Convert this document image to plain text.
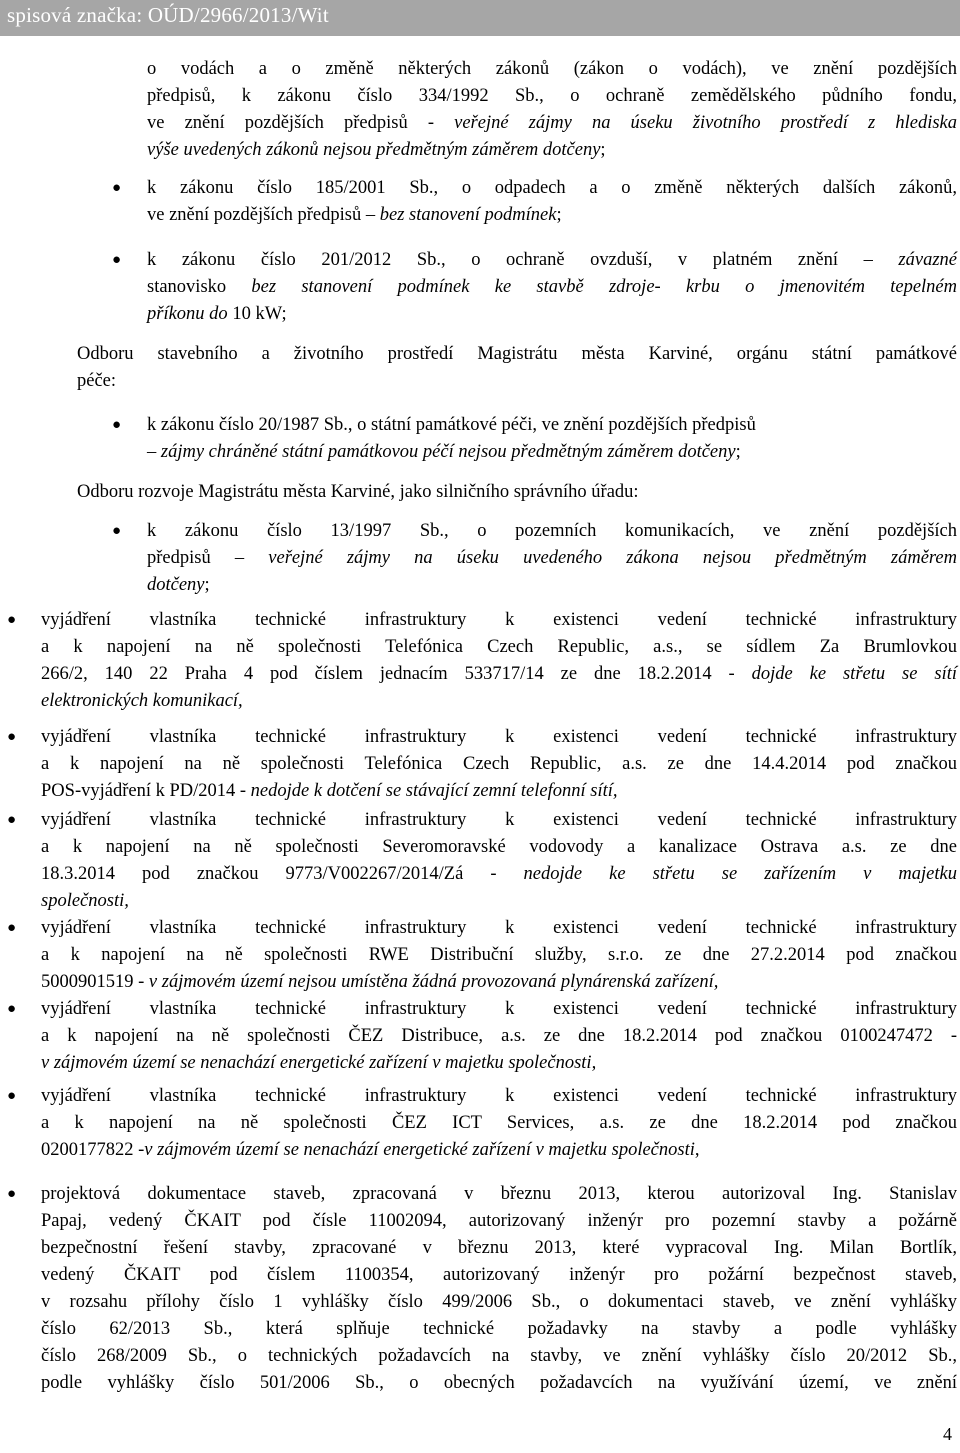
spisová značka: OÚD/2966/2013/Wit
o vodách a o změně některých zákonů (zákon o vodách), ve znění pozdějších
předpisů, k zákonu číslo 334/1992 Sb., o ochraně zemědělského půdního fondu,
ve znění pozdějších předpisů - veřejné zájmy na úseku životního prostředí z hlediska
výše uvedených zákonů nejsou předmětným záměrem dotčeny;
● k zákonu číslo 185/2001 Sb., o odpadech a o změně některých dalších zákonů,
ve znění pozdějších předpisů – bez stanovení podmínek;
● k zákonu číslo 201/2012 Sb., o ochraně ovzduší, v platném znění – závazné
stanovisko bez stanovení podmínek ke stavbě zdroje- krbu o jmenovitém tepelném
příkonu do 10 kW;
Odboru stavebního a životního prostředí Magistrátu města Karviné, orgánu státní památkové
péče:
● k zákonu číslo 20/1987 Sb., o státní památkové péči, ve znění pozdějších předpisů
– zájmy chráněné státní památkovou péčí nejsou předmětným záměrem dotčeny;
Odboru rozvoje Magistrátu města Karviné, jako silničního správního úřadu:
● k zákonu číslo 13/1997 Sb., o pozemních komunikacích, ve znění pozdějších
předpisů – veřejné zájmy na úseku uvedeného zákona nejsou předmětným záměrem
dotčeny;
● vyjádření vlastníka technické infrastruktury k existenci vedení technické infrastruktury
a k napojení na ně společnosti Telefónica Czech Republic, a.s., se sídlem Za Brumlovkou
266/2, 140 22 Praha 4 pod číslem jednacím 533717/14 ze dne 18.2.2014 - dojde ke střetu se sítí
elektronických komunikací,
● vyjádření vlastníka technické infrastruktury k existenci vedení technické infrastruktury
a k napojení na ně společnosti Telefónica Czech Republic, a.s. ze dne 14.4.2014 pod značkou
POS-vyjádření k PD/2014 - nedojde k dotčení se stávající zemní telefonní sítí,
● vyjádření vlastníka technické infrastruktury k existenci vedení technické infrastruktury
a k napojení na ně společnosti Severomoravské vodovody a kanalizace Ostrava a.s. ze dne
18.3.2014 pod značkou 9773/V002267/2014/Zá - nedojde ke střetu se zařízením v majetku
společnosti,
● vyjádření vlastníka technické infrastruktury k existenci vedení technické infrastruktury
a k napojení na ně společnosti RWE Distribuční služby, s.r.o. ze dne 27.2.2014 pod značkou
5000901519 - v zájmovém území nejsou umístěna žádná provozovaná plynárenská zařízení,
● vyjádření vlastníka technické infrastruktury k existenci vedení technické infrastruktury
a k napojení na ně společnosti ČEZ Distribuce, a.s. ze dne 18.2.2014 pod značkou 0100247472 -
v zájmovém území se nenachází energetické zařízení v majetku společnosti,
● vyjádření vlastníka technické infrastruktury k existenci vedení technické infrastruktury
a k napojení na ně společnosti ČEZ ICT Services, a.s. ze dne 18.2.2014 pod značkou
0200177822 -v zájmovém území se nenachází energetické zařízení v majetku společnosti,
● projektová dokumentace staveb, zpracovaná v březnu 2013, kterou autorizoval Ing. Stanislav
Papaj, vedený ČKAIT pod čísle 11002094, autorizovaný inženýr pro pozemní stavby a požárně
bezpečnostní řešení stavby, zpracované v březnu 2013, které vypracoval Ing. Milan Bortlík,
vedený ČKAIT pod číslem 1100354, autorizovaný inženýr pro požární bezpečnost staveb,
v rozsahu přílohy číslo 1 vyhlášky číslo 499/2006 Sb., o dokumentaci staveb, ve znění vyhlášky
číslo 62/2013 Sb., která splňuje technické požadavky na stavby a podle vyhlášky
číslo 268/2009 Sb., o technických požadavcích na stavby, ve znění vyhlášky číslo 20/2012 Sb.,
podle vyhlášky číslo 501/2006 Sb., o obecných požadavcích na využívání území, ve znění
4
